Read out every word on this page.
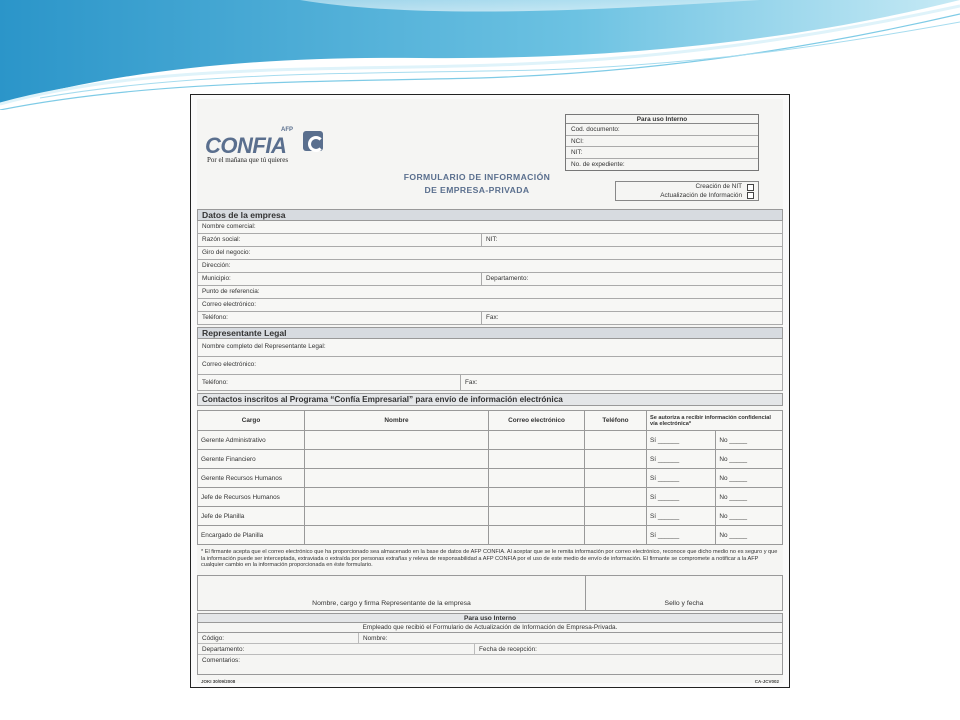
AFP
CONFIA
Por el mañana que tú quieres
FORMULARIO DE INFORMACIÓN
DE EMPRESA-PRIVADA
Para uso Interno
Cod. documento:
NCI:
NIT:
No. de expediente:
Creación de NIT
Actualización de Información
Datos de la empresa
Nombre comercial:
Razón social:	NIT:
Giro del negocio:
Dirección:
Municipio:	Departamento:
Punto de referencia:
Correo electrónico:
Teléfono:	Fax:
Representante Legal
Nombre completo del Representante Legal:
Correo electrónico:
Teléfono:	Fax:
Contactos inscritos al Programa “Confía Empresarial” para envío de información electrónica
Cargo	Nombre	Correo electrónico	Teléfono	Se autoriza a recibir información confidencial vía electrónica*	
Gerente Administrativo				Sí ______	No _____
Gerente Financiero				Sí ______	No _____
Gerente Recursos Humanos				Sí ______	No _____
Jefe de Recursos Humanos				Sí ______	No _____
Jefe de Planilla				Sí ______	No _____
Encargado de Planilla				Sí ______	No _____
* El firmante acepta que el correo electrónico que ha proporcionado sea almacenado en la base de datos de AFP CONFIA. Al aceptar que se le remita información por correo electrónico, reconoce que dicho medio no es seguro y que la información puede ser interceptada, extraviada o extraída por personas extrañas y releva de responsabilidad a AFP CONFIA por el uso de este medio de envío de información. El firmante se compromete a notificar a la AFP cualquier cambio en la información proporcionada en éste formulario.
Nombre, cargo y firma Representante de la empresa	Sello y fecha
Para uso Interno
Empleado que recibió el Formulario de Actualización de Información de Empresa-Privada.
Código:	Nombre:
Departamento:	Fecha de recepción:
Comentarios:
JOKI 30/09/2008	CA-JCV002
